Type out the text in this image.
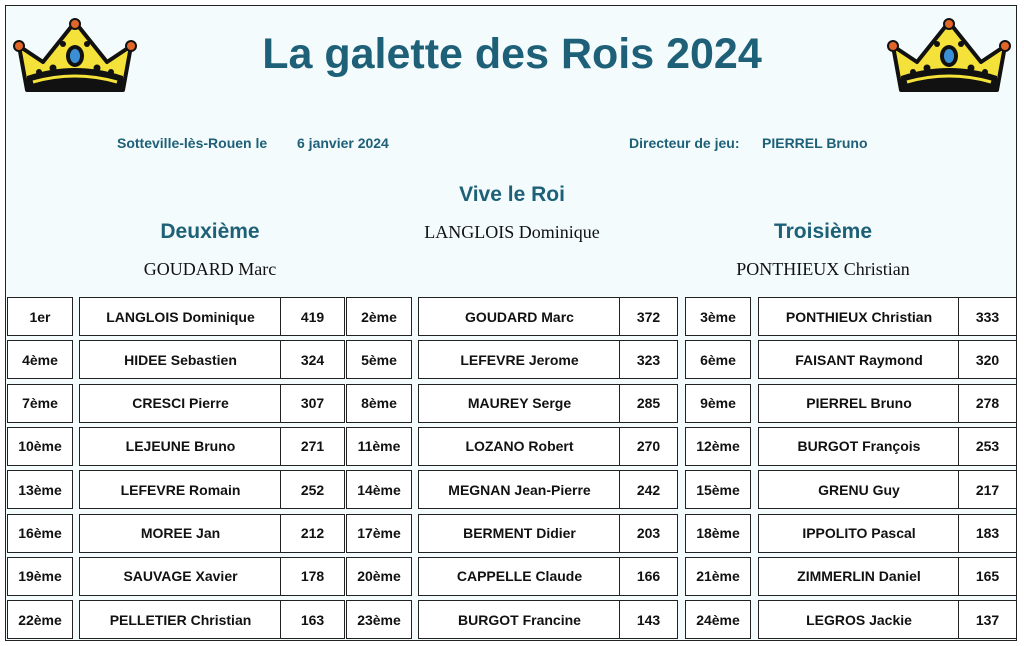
La galette des Rois 2024
Sotteville-lès-Rouen le 6 janvier 2024	Directeur de jeu: PIERREL Bruno
Vive le Roi
LANGLOIS Dominique
Deuxième
GOUDARD Marc
Troisième
PONTHIEUX Christian
1er	LANGLOIS Dominique	419	2ème	GOUDARD Marc	372	3ème	PONTHIEUX Christian	333
4ème	HIDEE Sebastien	324	5ème	LEFEVRE Jerome	323	6ème	FAISANT Raymond	320
7ème	CRESCI Pierre	307	8ème	MAUREY Serge	285	9ème	PIERREL Bruno	278
10ème	LEJEUNE Bruno	271	11ème	LOZANO Robert	270	12ème	BURGOT François	253
13ème	LEFEVRE Romain	252	14ème	MEGNAN Jean-Pierre	242	15ème	GRENU Guy	217
16ème	MOREE Jan	212	17ème	BERMENT Didier	203	18ème	IPPOLITO Pascal	183
19ème	SAUVAGE Xavier	178	20ème	CAPPELLE Claude	166	21ème	ZIMMERLIN Daniel	165
22ème	PELLETIER Christian	163	23ème	BURGOT Francine	143	24ème	LEGROS Jackie	137
